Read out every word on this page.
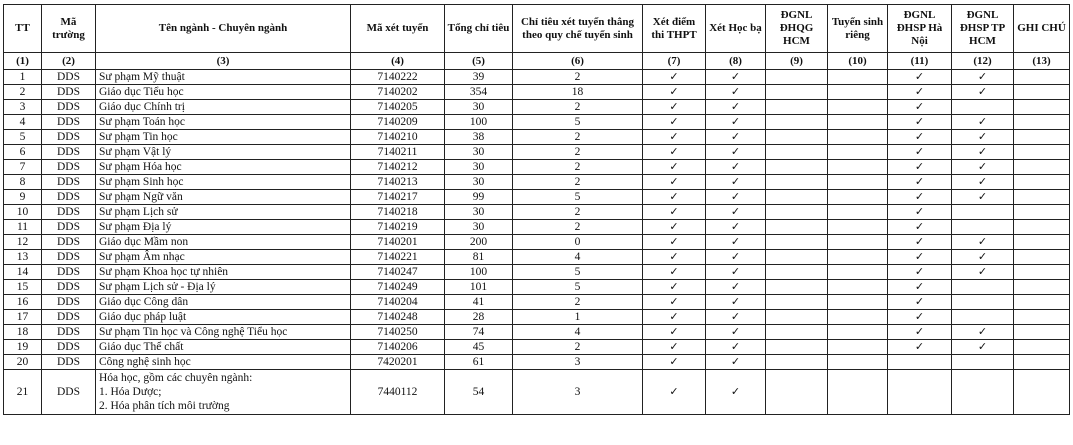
TT	Mã trường	Tên ngành - Chuyên ngành	Mã xét tuyển	Tổng chỉ tiêu	Chỉ tiêu xét tuyển thẳng theo quy chế tuyển sinh	Xét điểm thi THPT	Xét Học bạ	ĐGNL ĐHQG HCM	Tuyển sinh riêng	ĐGNL ĐHSP Hà Nội	ĐGNL ĐHSP TP HCM	GHI CHÚ
(1)	(2)	(3)	(4)	(5)	(6)	(7)	(8)	(9)	(10)	(11)	(12)	(13)
1	DDS	Sư phạm Mỹ thuật	7140222	39	2	✓	✓			✓	✓	
2	DDS	Giáo dục Tiểu học	7140202	354	18	✓	✓			✓	✓	
3	DDS	Giáo dục Chính trị	7140205	30	2	✓	✓			✓		
4	DDS	Sư phạm Toán học	7140209	100	5	✓	✓			✓	✓	
5	DDS	Sư phạm Tin học	7140210	38	2	✓	✓			✓	✓	
6	DDS	Sư phạm Vật lý	7140211	30	2	✓	✓			✓	✓	
7	DDS	Sư phạm Hóa học	7140212	30	2	✓	✓			✓	✓	
8	DDS	Sư phạm Sinh học	7140213	30	2	✓	✓			✓	✓	
9	DDS	Sư phạm Ngữ văn	7140217	99	5	✓	✓			✓	✓	
10	DDS	Sư phạm Lịch sử	7140218	30	2	✓	✓			✓		
11	DDS	Sư phạm Địa lý	7140219	30	2	✓	✓			✓		
12	DDS	Giáo dục Mầm non	7140201	200	0	✓	✓			✓	✓	
13	DDS	Sư phạm Âm nhạc	7140221	81	4	✓	✓			✓	✓	
14	DDS	Sư phạm Khoa học tự nhiên	7140247	100	5	✓	✓			✓	✓	
15	DDS	Sư phạm Lịch sử - Địa lý	7140249	101	5	✓	✓			✓		
16	DDS	Giáo dục Công dân	7140204	41	2	✓	✓			✓		
17	DDS	Giáo dục pháp luật	7140248	28	1	✓	✓			✓		
18	DDS	Sư phạm Tin học và Công nghệ Tiểu học	7140250	74	4	✓	✓			✓	✓	
19	DDS	Giáo dục Thể chất	7140206	45	2	✓	✓			✓	✓	
20	DDS	Công nghệ sinh học	7420201	61	3	✓	✓					
21	DDS	Hóa học, gồm các chuyên ngành:
1. Hóa Dược;
2. Hóa phân tích môi trường	7440112	54	3	✓	✓					
